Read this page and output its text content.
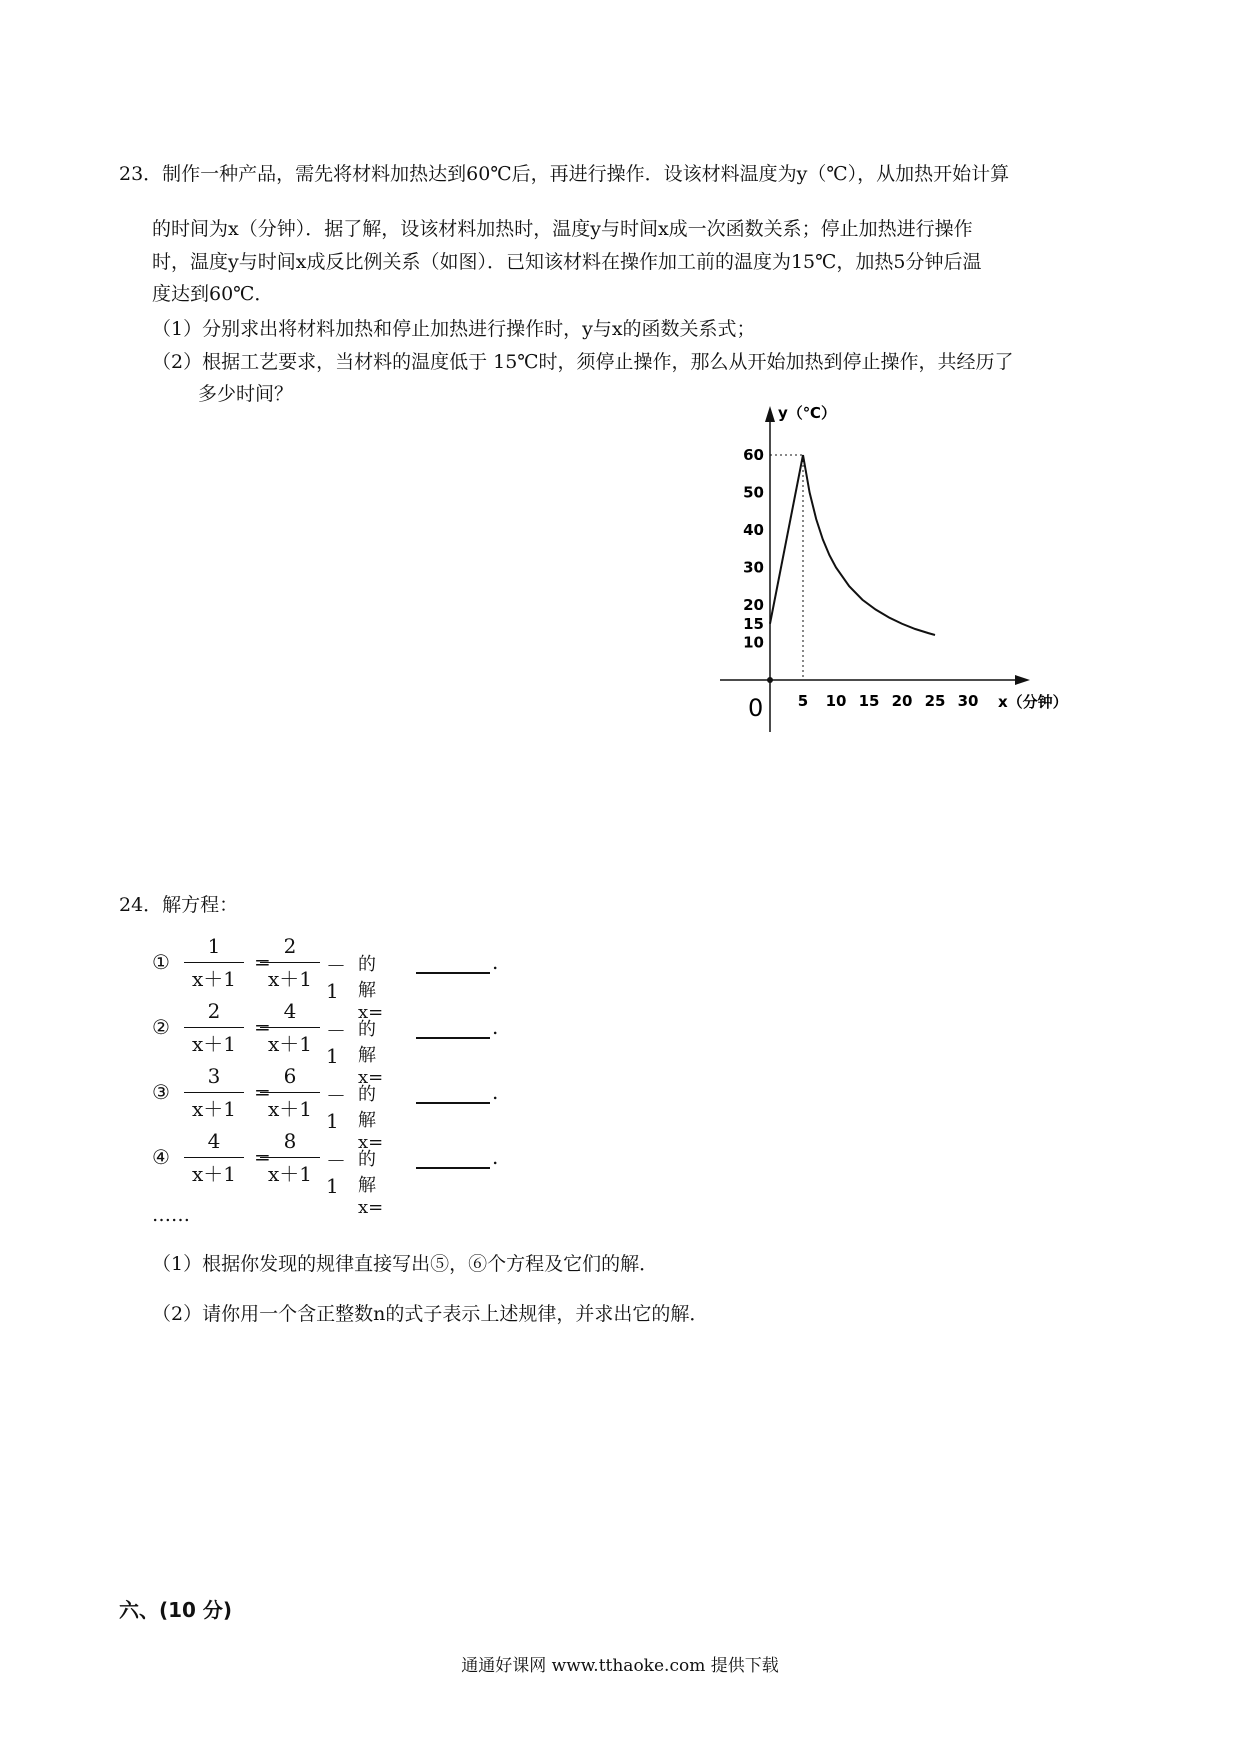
23．制作一种产品，需先将材料加热达到60℃后，再进行操作．设该材料温度为y（℃），从加热开始计算
的时间为x（分钟）．据了解，设该材料加热时，温度y与时间x成一次函数关系；停止加热进行操作
时，温度y与时间x成反比例关系（如图）．已知该材料在操作加工前的温度为15℃，加热5分钟后温
度达到60℃．
（1）分别求出将材料加热和停止加热进行操作时，y与x的函数关系式；
（2）根据工艺要求，当材料的温度低于 15℃时，须停止操作，那么从开始加热到停止操作，共经历了
多少时间？
y（℃）
x（分钟）
0 5 10 15 20 25 30
10
15
20
30
40
50
60
24．解方程：
①
1
x＋1
=
2
x＋1
－1
的解x=
.
②
2
x＋1
=
4
x＋1
－1
的解x=
.
③
3
x＋1
=
6
x＋1
－1
的解x=
.
④
4
x＋1
=
8
x＋1
－1
的解x=
.
……
（1）根据你发现的规律直接写出⑤，⑥个方程及它们的解．
（2）请你用一个含正整数n的式子表示上述规律，并求出它的解．
六、(10 分)
通通好课网 www.tthaoke.com 提供下载
